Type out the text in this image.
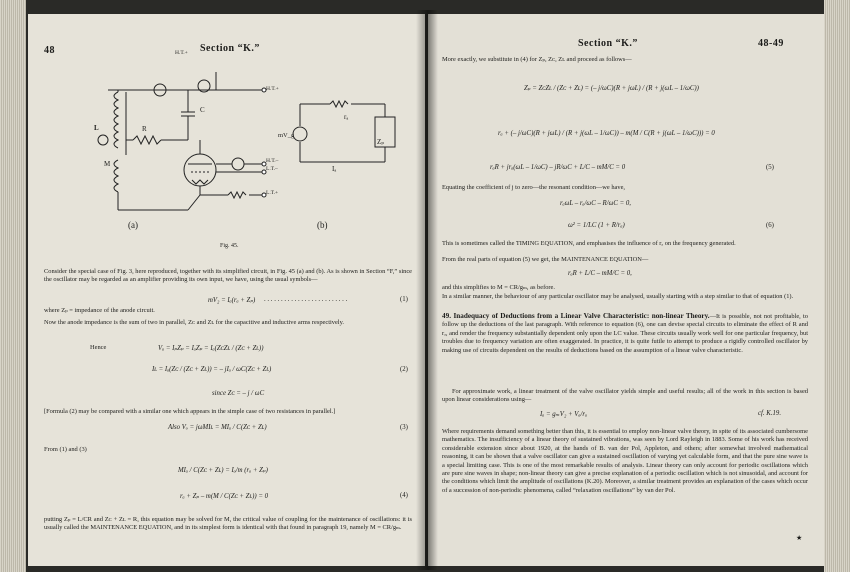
48	Section “K.”
H.T.+
H.T.+
L
C
R
M	H.T.–
L.T.–
L.T.+
(a)
rₐ
Zₚ
mV_g
Iₐ
(b)
Fig. 45.
Consider the special case of Fig. 3, here reproduced, together with its simplified circuit, in Fig. 45 (a) and (b). As is shown in Section “F,” since the oscillator may be regarded as an amplifier providing its own input, we have, using the usual symbols—
mV₂ = Iₐ(rₐ + Zₚ) . . . . . . . . . . . . . . . . . . . . . . . . .	(1)
where Zₚ = impedance of the anode circuit.
Now the anode impedance is the sum of two in parallel, Zᴄ and Zʟ for the capacitive and inductive arms respectively.
Hence	Vₐ = IₚZₚ = IₐZₚ = Iₐ(ZᴄZʟ / (Zᴄ + Zʟ))
Iʟ = Iₐ(Zᴄ / (Zᴄ + Zʟ)) = – jIₐ / ωC(Zᴄ + Zʟ)	(2)
since Zᴄ = – j / ωC
[Formula (2) may be compared with a similar one which appears in the simple case of two resistances in parallel.]
Also Vₒ = jωMIʟ = MIₐ / C(Zᴄ + Zʟ)	(3)
From (1) and (3)
MIₐ / C(Zᴄ + Zʟ) = Iₐ/m (rₐ + Zₚ)
rₐ + Zₚ – m(M / C(Zᴄ + Zʟ)) = 0	(4)
putting Zₚ = L/CR and Zᴄ + Zʟ = R, this equation may be solved for M, the critical value of coupling for the maintenance of oscillations: it is usually called the MAINTENANCE EQUATION, and in its simplest form is identical with that found in paragraph 19, namely M = CR/gₘ.
Section “K.”	48-49
More exactly, we substitute in (4) for Zₚ, Zᴄ, Zʟ and proceed as follows—
Zₚ = ZᴄZʟ / (Zᴄ + Zʟ) = (– j/ωC)(R + jωL) / (R + j(ωL – 1/ωC))
rₐ + (– j/ωC)(R + jωL) / (R + j(ωL – 1/ωC)) – m(M / C(R + j(ωL – 1/ωC))) = 0
rₐR + jrₐ(ωL – 1/ωC) – jR/ωC + L/C – mM/C = 0	(5)
Equating the coefficient of j to zero—the resonant condition—we have,
rₐωL – rₐ/ωC – R/ωC = 0,
ω² = 1/LC (1 + R/rₐ)	(6)
This is sometimes called the TIMING EQUATION, and emphasises the influence of rₐ on the frequency generated.
From the real parts of equation (5) we get, the MAINTENANCE EQUATION—
rₐR + L/C – mM/C = 0,
and this simplifies to M = CR/gₘ, as before.
In a similar manner, the behaviour of any particular oscillator may be analysed, usually starting with a step similar to that of equation (1).
49. Inadequacy of Deductions from a Linear Valve Characteristic: non-linear Theory.—It is possible, not not profitable, to follow up the deductions of the last paragraph. With reference to equation (6), one can devise special circuits to eliminate the effect of R and rₐ, and render the frequency substantially dependent only upon the LC value. These circuits usually work well for one particular frequency, but troubles due to frequency variation are often exaggerated. In practice, it is quite futile to attempt to produce a rigidly controlled oscillator by making use of circuits dependent on the results of deductions based on the assumption of a linear valve characteristic.
For approximate work, a linear treatment of the valve oscillator yields simple and useful results; all of the work in this section is based upon linear considerations using—
Iₐ = gₘV₂ + Vₐ/rₐ	cf. K.19.
Where requirements demand something better than this, it is essential to employ non-linear valve theory, in spite of its associated cumbersome mathematics. The insufficiency of a linear theory of sustained vibrations, was seen by Lord Rayleigh in 1883. Some of his work has received considerable extension since about 1920, at the hands of B. van der Pol, Appleton, and others; after somewhat involved mathematical reasoning, it can be shown that a valve oscillator can give a sustained oscillation of varying yet calculable form, and that the pure sine wave is a special limiting case. This is one of the most remarkable results of analysis. Linear theory can only account for periodic oscillations which are pure sine waves in shape; non-linear theory can give a precise explanation of a periodic oscillation which is not sinusoidal, and account for the conditions which limit the amplitude of oscillations (K.20). Moreover, a similar treatment provides an explanation of the cases which occur of a succession of non-periodic phenomena, called “relaxation oscillations” by van der Pol.
★
